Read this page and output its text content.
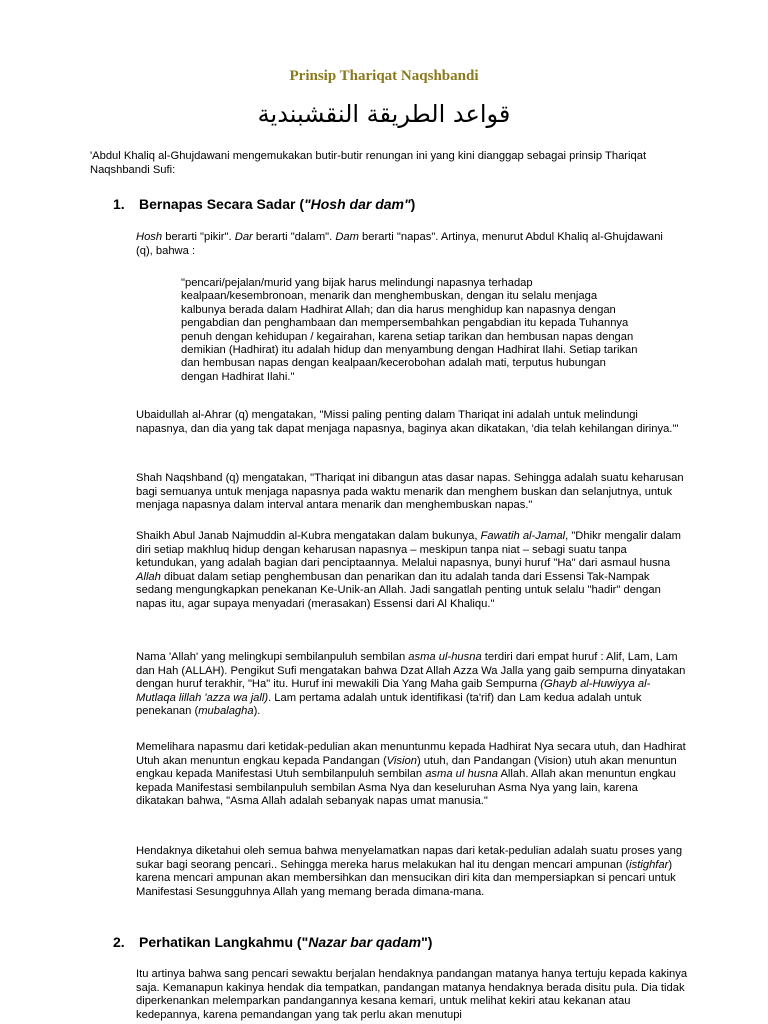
Prinsip Thariqat Naqshbandi
قواعد الطريقة النقشبندية

'Abdul Khaliq al-Ghujdawani mengemukakan butir-butir renungan ini yang kini dianggap sebagai prinsip Thariqat Naqshbandi Sufi:

1. Bernapas Secara Sadar ("Hosh dar dam")

Hosh berarti "pikir". Dar berarti "dalam". Dam berarti "napas". Artinya, menurut Abdul Khaliq al-Ghujdawani (q), bahwa :

"pencari/pejalan/murid yang bijak harus melindungi napasnya terhadap kealpaan/kesembronoan, menarik dan menghembuskan, dengan itu selalu menjaga kalbunya berada dalam Hadhirat Allah; dan dia harus menghidup kan napasnya dengan pengabdian dan penghambaan dan mempersembahkan pengabdian itu kepada Tuhannya penuh dengan kehidupan / kegairahan, karena setiap tarikan dan hembusan napas dengan demikian (Hadhirat) itu adalah hidup dan menyambung dengan Hadhirat Ilahi. Setiap tarikan dan hembusan napas dengan kealpaan/kecerobohan adalah mati, terputus hubungan dengan Hadhirat Ilahi."

Ubaidullah al-Ahrar (q) mengatakan, "Missi paling penting dalam Thariqat ini adalah untuk melindungi napasnya, dan dia yang tak dapat menjaga napasnya, baginya akan dikatakan, 'dia telah kehilangan dirinya.'"

Shah Naqshband (q) mengatakan, "Thariqat ini dibangun atas dasar napas. Sehingga adalah suatu keharusan bagi semuanya untuk menjaga napasnya pada waktu menarik dan menghem buskan dan selanjutnya, untuk menjaga napasnya dalam interval antara menarik dan menghembuskan napas."

Shaikh Abul Janab Najmuddin al-Kubra mengatakan dalam bukunya, Fawatih al-Jamal, "Dhikr mengalir dalam diri setiap makhluq hidup dengan keharusan napasnya – meskipun tanpa niat – sebagi suatu tanpa ketundukan, yang adalah bagian dari penciptaannya. Melalui napasnya, bunyi huruf "Ha" dari asmaul husna Allah dibuat dalam setiap penghembusan dan penarikan dan itu adalah tanda dari Essensi Tak-Nampak sedang mengungkapkan penekanan Ke-Unik-an Allah. Jadi sangatlah penting untuk selalu "hadir" dengan napas itu, agar supaya menyadari (merasakan) Essensi dari Al Khaliqu."

Nama 'Allah' yang melingkupi sembilanpuluh sembilan asma ul-husna terdiri dari empat huruf : Alif, Lam, Lam dan Hah (ALLAH). Pengikut Sufi mengatakan bahwa Dzat Allah Azza Wa Jalla yang gaib sempurna dinyatakan dengan huruf terakhir, "Ha" itu. Huruf ini mewakili Dia Yang Maha gaib Sempurna (Ghayb al-Huwiyya al-Mutlaqa lillah 'azza wa jall). Lam pertama adalah untuk identifikasi (ta'rif) dan Lam kedua adalah untuk penekanan (mubalagha).

Memelihara napasmu dari ketidak-pedulian akan menuntunmu kepada Hadhirat Nya secara utuh, dan Hadhirat Utuh akan menuntun engkau kepada Pandangan (Vision) utuh, dan Pandangan (Vision) utuh akan menuntun engkau kepada Manifestasi Utuh sembilanpuluh sembilan asma ul husna Allah. Allah akan menuntun engkau kepada Manifestasi sembilanpuluh sembilan Asma Nya dan keseluruhan Asma Nya yang lain, karena dikatakan bahwa, "Asma Allah adalah sebanyak napas umat manusia."

Hendaknya diketahui oleh semua bahwa menyelamatkan napas dari ketak-pedulian adalah suatu proses yang sukar bagi seorang pencari.. Sehingga mereka harus melakukan hal itu dengan mencari ampunan (istighfar) karena mencari ampunan akan membersihkan dan mensucikan diri kita dan mempersiapkan si pencari untuk Manifestasi Sesungguhnya Allah yang memang berada dimana-mana.

2. Perhatikan Langkahmu ("Nazar bar qadam")

Itu artinya bahwa sang pencari sewaktu berjalan hendaknya pandangan matanya hanya tertuju kepada kakinya saja. Kemanapun kakinya hendak dia tempatkan, pandangan matanya hendaknya berada disitu pula. Dia tidak diperkenankan melemparkan pandangannya kesana kemari, untuk melihat kekiri atau kekanan atau kedepannya, karena pemandangan yang tak perlu akan menutupi
